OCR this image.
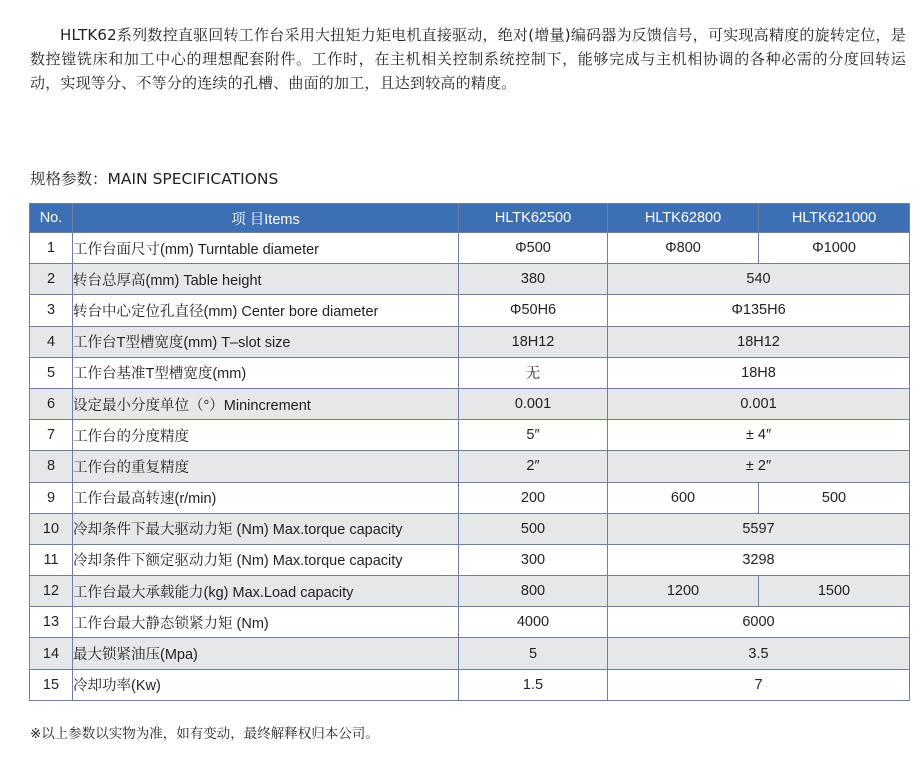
HLTK62系列数控直驱回转工作台采用大扭矩力矩电机直接驱动，绝对(增量)编码器为反馈信号，可实现高精度的旋转定位，是数控镗铣床和加工中心的理想配套附件。工作时，在主机相关控制系统控制下，能够完成与主机相协调的各种必需的分度回转运动，实现等分、不等分的连续的孔槽、曲面的加工，且达到较高的精度。

规格参数：MAIN SPECIFICATIONS
No.	项 目Items	HLTK62500	HLTK62800	HLTK621000
1	工作台面尺寸(mm) Turntable diameter	Φ500	Φ800	Φ1000
2	转台总厚高(mm) Table height	380	540	
3	转台中心定位孔直径(mm) Center bore diameter	Φ50H6	Φ135H6	
4	工作台T型槽宽度(mm) T–slot size	18H12	18H12	
5	工作台基准T型槽宽度(mm)	无	18H8	
6	设定最小分度单位（°）Minincrement	0.001	0.001	
7	工作台的分度精度	5″	± 4″	
8	工作台的重复精度	2″	± 2″	
9	工作台最高转速(r/min)	200	600	500
10	冷却条件下最大驱动力矩 (Nm) Max.torque capacity	500	5597	
11	冷却条件下额定驱动力矩 (Nm) Max.torque capacity	300	3298	
12	工作台最大承载能力(kg) Max.Load capacity	800	1200	1500
13	工作台最大静态锁紧力矩 (Nm)	4000	6000	
14	最大锁紧油压(Mpa)	5	3.5	
15	冷却功率(Kw)	1.5	7	
※以上参数以实物为准，如有变动，最终解释权归本公司。
